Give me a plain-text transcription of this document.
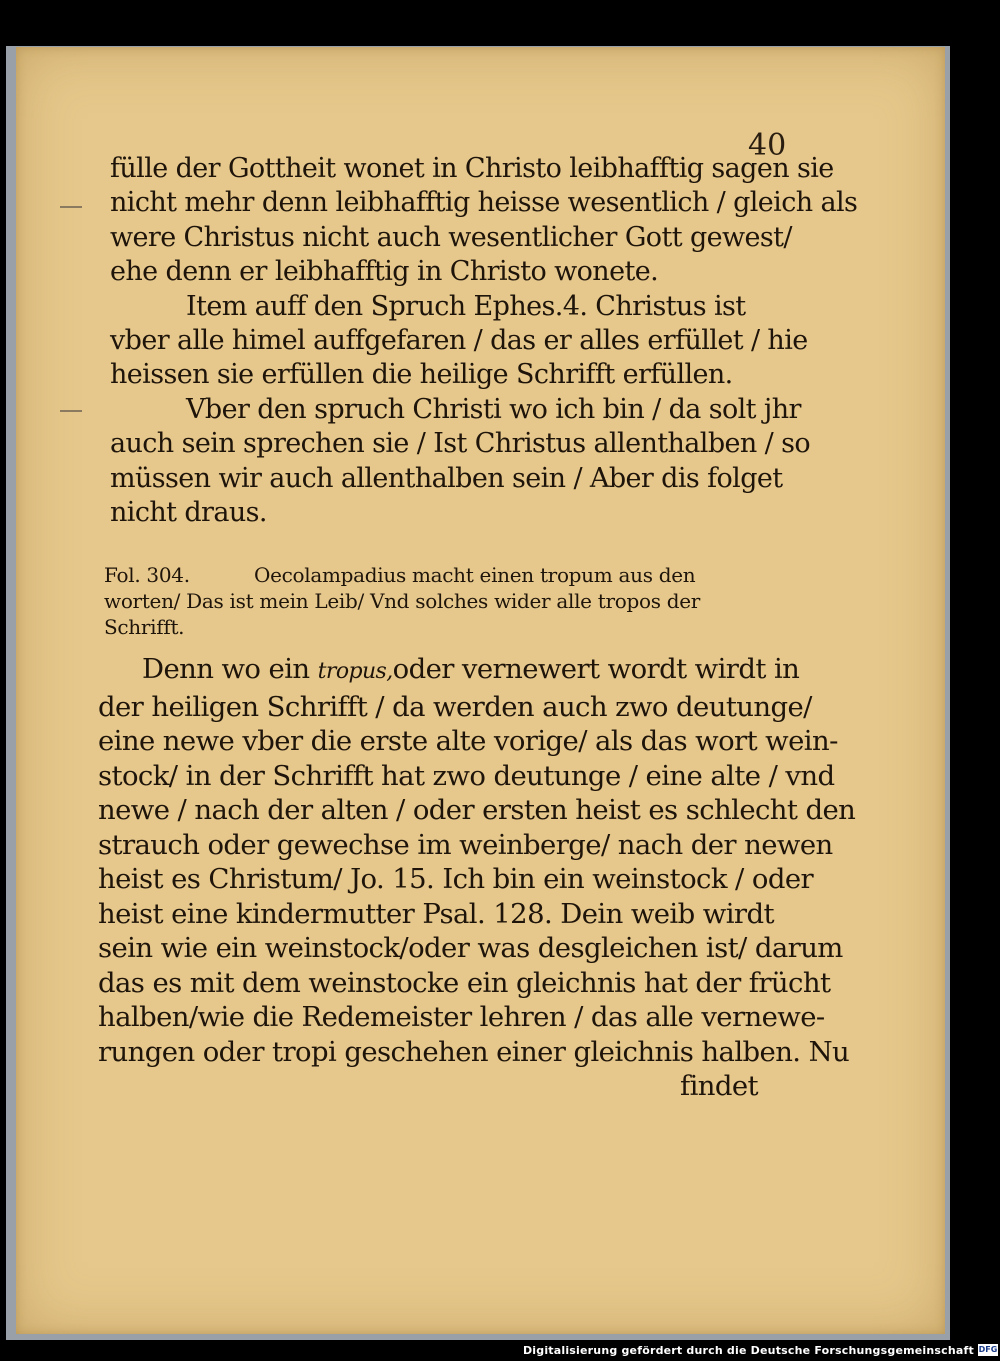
40
fülle der Gottheit wonet in Christo leibhafftig sagen sie
nicht mehr denn leibhafftig heisse wesentlich / gleich als
were Christus nicht auch wesentlicher Gott gewest/
ehe denn er leibhafftig in Christo wonete.
Item auff den Spruch Ephes.4. Christus ist
vber alle himel auffgefaren / das er alles erfüllet / hie
heissen sie erfüllen die heilige Schrifft erfüllen.
Vber den spruch Christi wo ich bin / da solt jhr
auch sein sprechen sie / Ist Christus allenthalben / so
müssen wir auch allenthalben sein / Aber dis folget
nicht draus.
Fol. 304.	Oecolampadius macht einen tropum aus den
worten/ Das ist mein Leib/ Vnd solches wider alle tropos der
Schrifft.
Denn wo ein tropus,oder vernewert wordt wirdt in
der heiligen Schrifft / da werden auch zwo deutunge/
eine newe vber die erste alte vorige/ als das wort wein-
stock/ in der Schrifft hat zwo deutunge / eine alte / vnd
newe / nach der alten / oder ersten heist es schlecht den
strauch oder gewechse im weinberge/ nach der newen
heist es Christum/ Jo. 15. Ich bin ein weinstock / oder
heist eine kindermutter Psal. 128. Dein weib wirdt
sein wie ein weinstock/oder was desgleichen ist/ darum
das es mit dem weinstocke ein gleichnis hat der frücht
halben/wie die Redemeister lehren / das alle vernewe-
rungen oder tropi geschehen einer gleichnis halben. Nu
findet
Digitalisierung gefördert durch die Deutsche Forschungsgemeinschaft DFG
